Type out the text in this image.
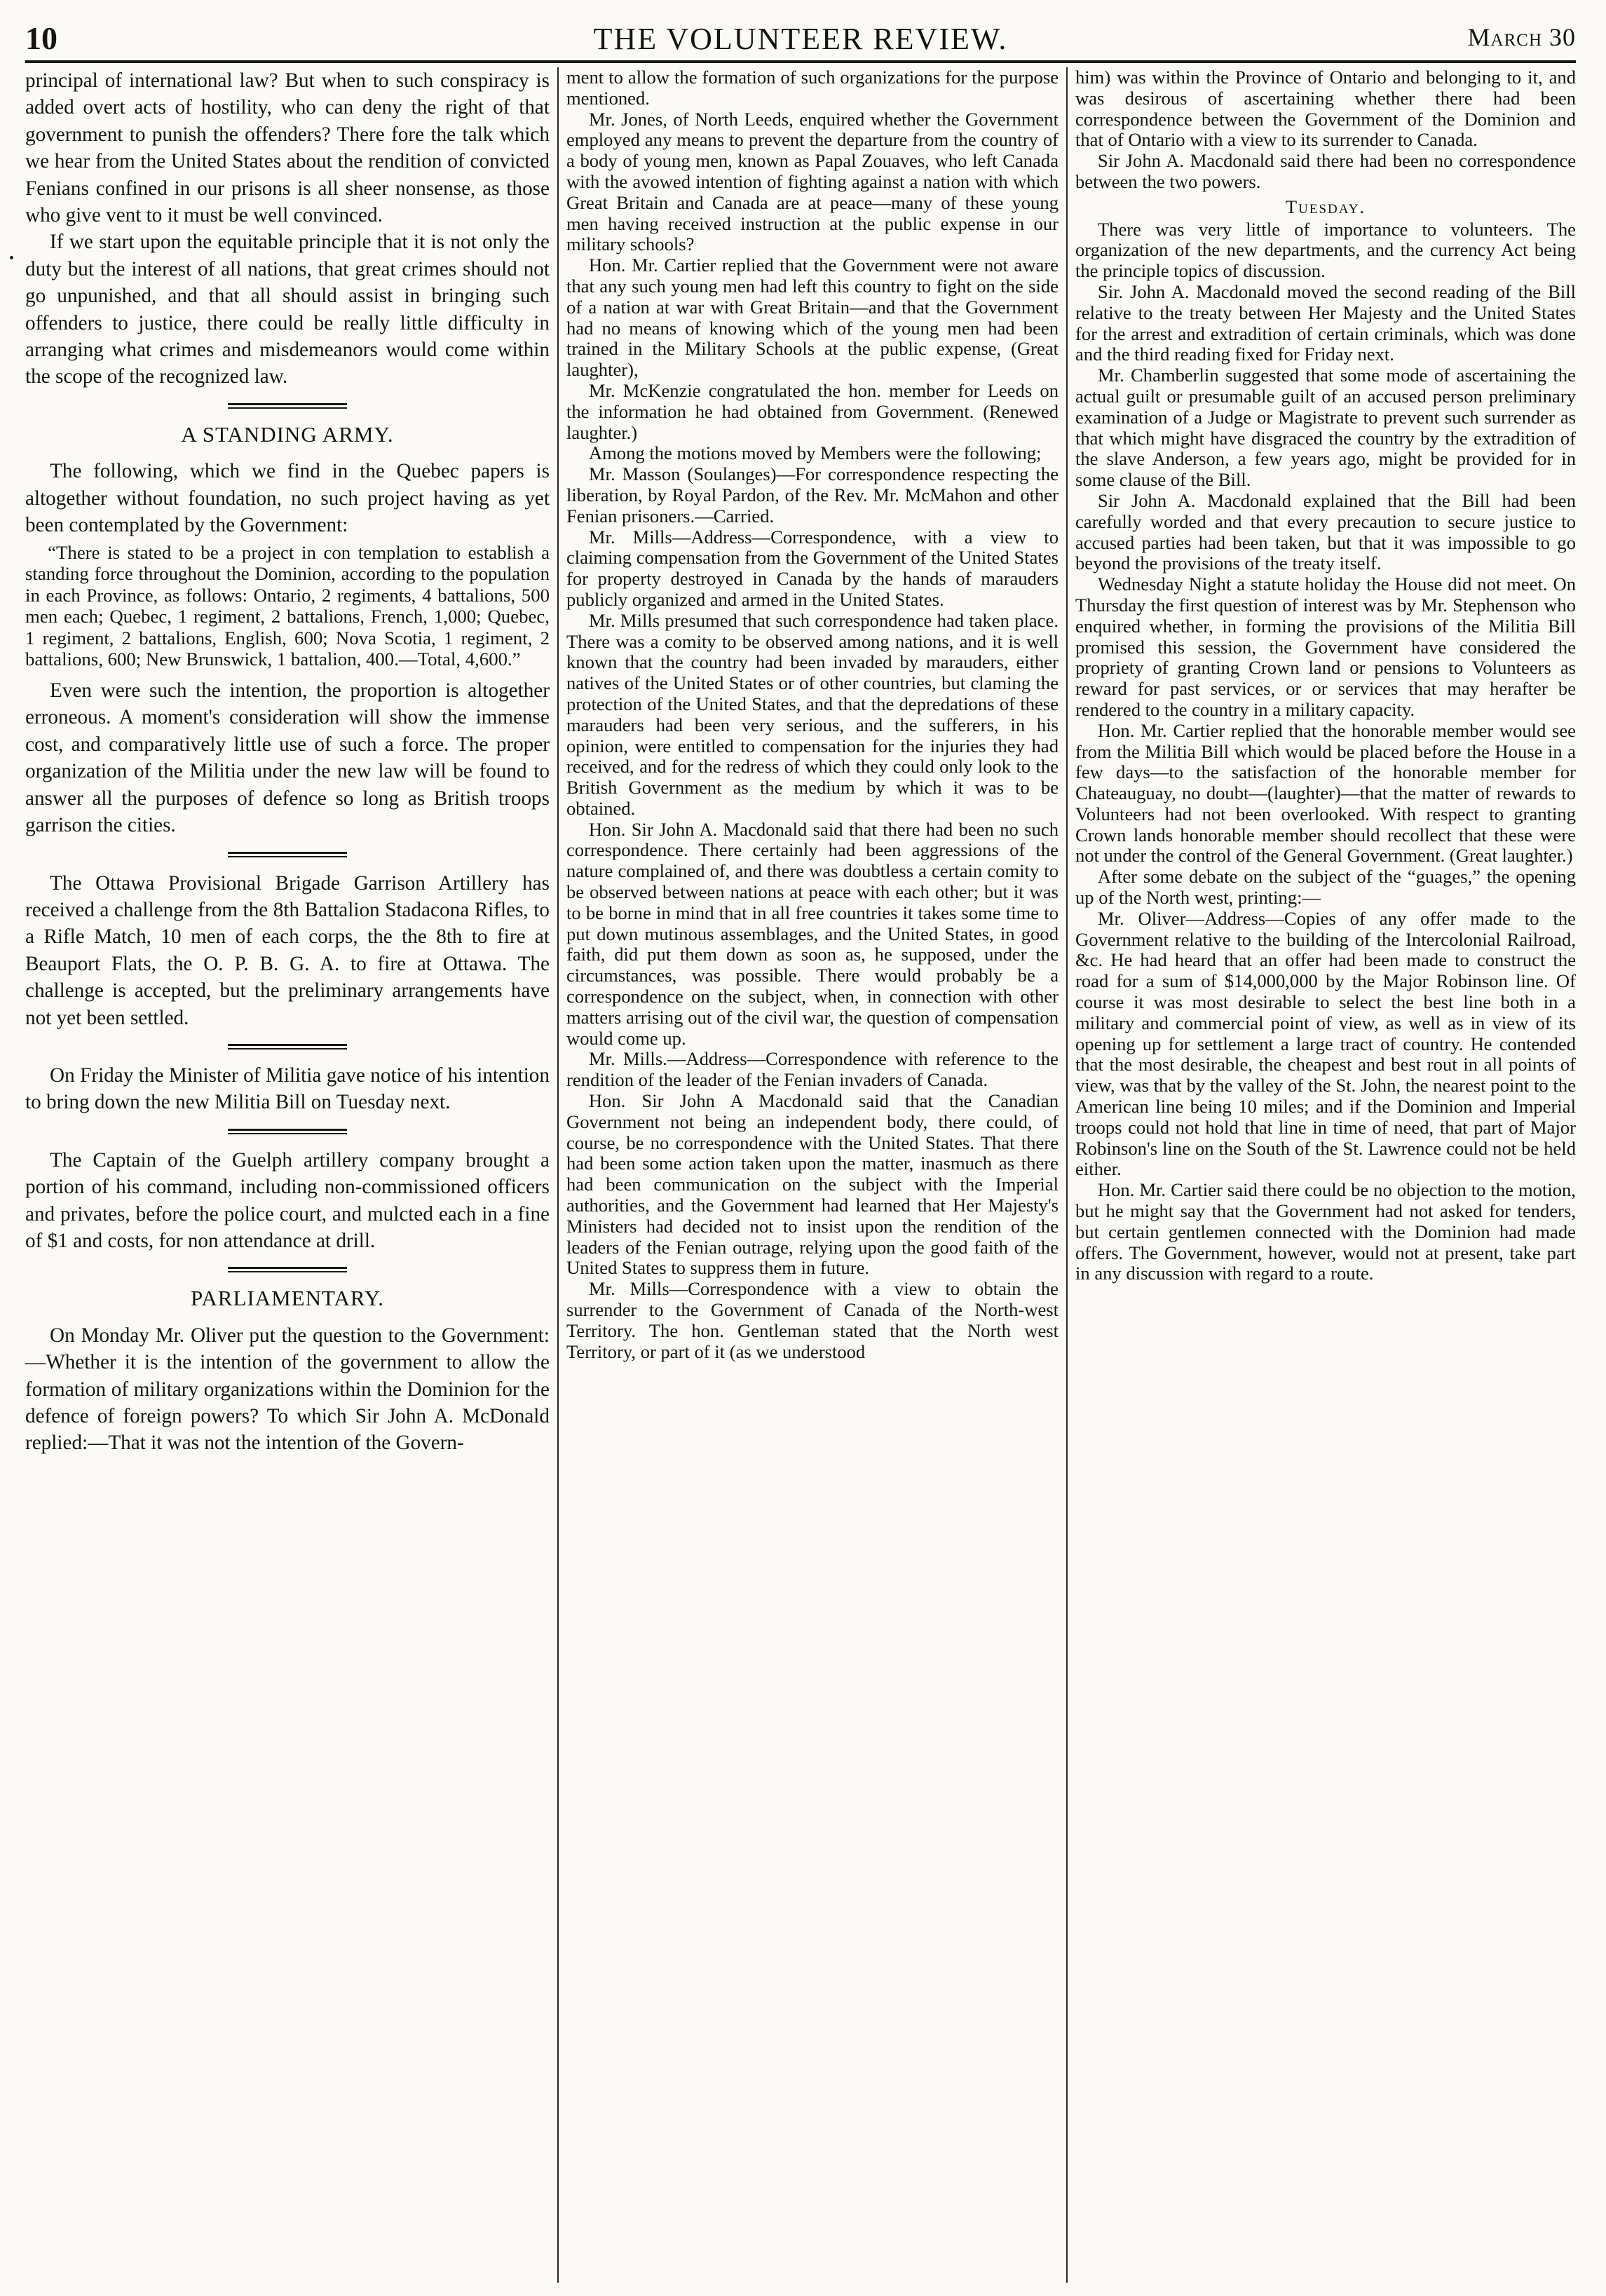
10	THE VOLUNTEER REVIEW.	March 30

principal of international law? But when to such conspiracy is added overt acts of hostility, who can deny the right of that government to punish the offenders? There fore the talk which we hear from the United States about the rendition of convicted Fenians confined in our prisons is all sheer nonsense, as those who give vent to it must be well convinced.

If we start upon the equitable principle that it is not only the duty but the interest of all nations, that great crimes should not go unpunished, and that all should assist in bringing such offenders to justice, there could be really little difficulty in arranging what crimes and misdemeanors would come within the scope of the recognized law.

A STANDING ARMY.

The following, which we find in the Quebec papers is altogether without foundation, no such project having as yet been contemplated by the Government:

“There is stated to be a project in con templation to establish a standing force throughout the Dominion, according to the population in each Province, as follows: Ontario, 2 regiments, 4 battalions, 500 men each; Quebec, 1 regiment, 2 battalions, French, 1,000; Quebec, 1 regiment, 2 battalions, English, 600; Nova Scotia, 1 regiment, 2 battalions, 600; New Brunswick, 1 battalion, 400.—Total, 4,600.”

Even were such the intention, the proportion is altogether erroneous. A moment's consideration will show the immense cost, and comparatively little use of such a force. The proper organization of the Militia under the new law will be found to answer all the purposes of defence so long as British troops garrison the cities.

The Ottawa Provisional Brigade Garrison Artillery has received a challenge from the 8th Battalion Stadacona Rifles, to a Rifle Match, 10 men of each corps, the the 8th to fire at Beauport Flats, the O. P. B. G. A. to fire at Ottawa. The challenge is accepted, but the preliminary arrangements have not yet been settled.

On Friday the Minister of Militia gave notice of his intention to bring down the new Militia Bill on Tuesday next.

The Captain of the Guelph artillery company brought a portion of his command, including non-commissioned officers and privates, before the police court, and mulcted each in a fine of $1 and costs, for non attendance at drill.

PARLIAMENTARY.

On Monday Mr. Oliver put the question to the Government:—Whether it is the intention of the government to allow the formation of military organizations within the Dominion for the defence of foreign powers? To which Sir John A. McDonald replied:—That it was not the intention of the Govern-

ment to allow the formation of such organizations for the purpose mentioned.

Mr. Jones, of North Leeds, enquired whether the Government employed any means to prevent the departure from the country of a body of young men, known as Papal Zouaves, who left Canada with the avowed intention of fighting against a nation with which Great Britain and Canada are at peace—many of these young men having received instruction at the public expense in our military schools?

Hon. Mr. Cartier replied that the Government were not aware that any such young men had left this country to fight on the side of a nation at war with Great Britain—and that the Government had no means of knowing which of the young men had been trained in the Military Schools at the public expense, (Great laughter),

Mr. McKenzie congratulated the hon. member for Leeds on the information he had obtained from Government. (Renewed laughter.)

Among the motions moved by Members were the following;

Mr. Masson (Soulanges)—For correspondence respecting the liberation, by Royal Pardon, of the Rev. Mr. McMahon and other Fenian prisoners.—Carried.

Mr. Mills—Address—Correspondence, with a view to claiming compensation from the Government of the United States for property destroyed in Canada by the hands of marauders publicly organized and armed in the United States.

Mr. Mills presumed that such correspondence had taken place. There was a comity to be observed among nations, and it is well known that the country had been invaded by marauders, either natives of the United States or of other countries, but claming the protection of the United States, and that the depredations of these marauders had been very serious, and the sufferers, in his opinion, were entitled to compensation for the injuries they had received, and for the redress of which they could only look to the British Government as the medium by which it was to be obtained.

Hon. Sir John A. Macdonald said that there had been no such correspondence. There certainly had been aggressions of the nature complained of, and there was doubtless a certain comity to be observed between nations at peace with each other; but it was to be borne in mind that in all free countries it takes some time to put down mutinous assemblages, and the United States, in good faith, did put them down as soon as, he supposed, under the circumstances, was possible. There would probably be a correspondence on the subject, when, in connection with other matters arrising out of the civil war, the question of compensation would come up.

Mr. Mills.—Address—Correspondence with reference to the rendition of the leader of the Fenian invaders of Canada.

Hon. Sir John A Macdonald said that the Canadian Government not being an independent body, there could, of course, be no correspondence with the United States. That there had been some action taken upon the matter, inasmuch as there had been communication on the subject with the Imperial authorities, and the Government had learned that Her Majesty's Ministers had decided not to insist upon the rendition of the leaders of the Fenian outrage, relying upon the good faith of the United States to suppress them in future.

Mr. Mills—Correspondence with a view to obtain the surrender to the Government of Canada of the North-west Territory. The hon. Gentleman stated that the North west Territory, or part of it (as we understood

him) was within the Province of Ontario and belonging to it, and was desirous of ascertaining whether there had been correspondence between the Government of the Dominion and that of Ontario with a view to its surrender to Canada.

Sir John A. Macdonald said there had been no correspondence between the two powers.

Tuesday.

There was very little of importance to volunteers. The organization of the new departments, and the currency Act being the principle topics of discussion.

Sir. John A. Macdonald moved the second reading of the Bill relative to the treaty between Her Majesty and the United States for the arrest and extradition of certain criminals, which was done and the third reading fixed for Friday next.

Mr. Chamberlin suggested that some mode of ascertaining the actual guilt or presumable guilt of an accused person preliminary examination of a Judge or Magistrate to prevent such surrender as that which might have disgraced the country by the extradition of the slave Anderson, a few years ago, might be provided for in some clause of the Bill.

Sir John A. Macdonald explained that the Bill had been carefully worded and that every precaution to secure justice to accused parties had been taken, but that it was impossible to go beyond the provisions of the treaty itself.

Wednesday Night a statute holiday the House did not meet. On Thursday the first question of interest was by Mr. Stephenson who enquired whether, in forming the provisions of the Militia Bill promised this session, the Government have considered the propriety of granting Crown land or pensions to Volunteers as reward for past services, or or services that may herafter be rendered to the country in a military capacity.

Hon. Mr. Cartier replied that the honorable member would see from the Militia Bill which would be placed before the House in a few days—to the satisfaction of the honorable member for Chateauguay, no doubt—(laughter)—that the matter of rewards to Volunteers had not been overlooked. With respect to granting Crown lands honorable member should recollect that these were not under the control of the General Government. (Great laughter.)

After some debate on the subject of the “guages,” the opening up of the North west, printing:—

Mr. Oliver—Address—Copies of any offer made to the Government relative to the building of the Intercolonial Railroad, &c. He had heard that an offer had been made to construct the road for a sum of $14,000,000 by the Major Robinson line. Of course it was most desirable to select the best line both in a military and commercial point of view, as well as in view of its opening up for settlement a large tract of country. He contended that the most desirable, the cheapest and best rout in all points of view, was that by the valley of the St. John, the nearest point to the American line being 10 miles; and if the Dominion and Imperial troops could not hold that line in time of need, that part of Major Robinson's line on the South of the St. Lawrence could not be held either.

Hon. Mr. Cartier said there could be no objection to the motion, but he might say that the Government had not asked for tenders, but certain gentlemen connected with the Dominion had made offers. The Government, however, would not at present, take part in any discussion with regard to a route.
